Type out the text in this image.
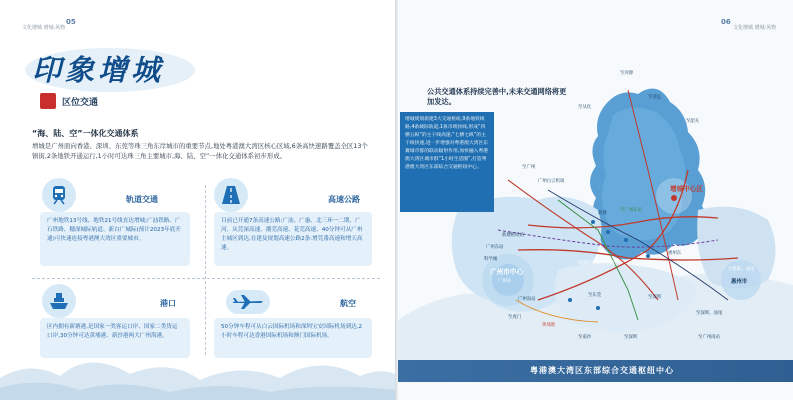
文化增城 增城·风物
05
印象增城
区位交通
“海、陆、空”一体化交通体系
增城是广州面向香港、深圳、东莞等珠三角东岸城市的重要节点,地处粤港澳大湾区核心区域,6条高快速路覆盖全区13个镇街,2条地铁开通运行,1小时可达珠三角主要城市,海、陆、空”一体化交通体系初步形成。
轨道交通
广州地铁13号线、地铁21号线直达增城;广汕铁路、广石铁路、穗深城际轨道、新白广城际(预计2023年底开通)可快速连接粤港澳大湾区重要城市。
高速公路
目前已开通7条高速公路:广汕、广惠、北三环一二期、广河、从莞深高速、潮莞高速、花莞高速、40分钟可从广州主城区到达,在建及规划高速公路2条:增莞番高速和增天高速。
港口
区内拥有新塘港,是国家一类客运口岸、国家二类货运口岸,30分钟可达黄埔港、新沙港两大广州海港。
航空
50分钟车程可从白云国际机场和深圳宝安国际机场到达,2小时车程可达香港国际机场和澳门国际机场。
06
文化增城 增城·风物
至河源
至韶关
至清远
至从化
至广州
广州白云机场
增城中心区
新塘
至广州东站
新塘枢纽站
广州东站
广州市中心
广州站
科学城
增城经济技术开发区
惠州东
至惠阳、汕尾
惠州市
广州南站
至东莞	至深圳
至深圳、汕尾
至虎门
黄埔港
至南沙	至深圳	至广州南站
公共交通体系持续完善中,未来交通网络将更加发达。
增城规划新建3大交通枢纽,9条地铁线路,4条城际轨道,1条市域快线,形成“四横五纵”的主干线高速,“七横七纵”的主干线快速,进一步增强对粤港澳大湾区东翼城市群的联动辐射作用,加快融入粤港澳大湾区城市群“1小时生活圈”,打造粤港澳大湾区东部综合交通枢纽中心。
粤港澳大湾区东部综合交通枢纽中心
